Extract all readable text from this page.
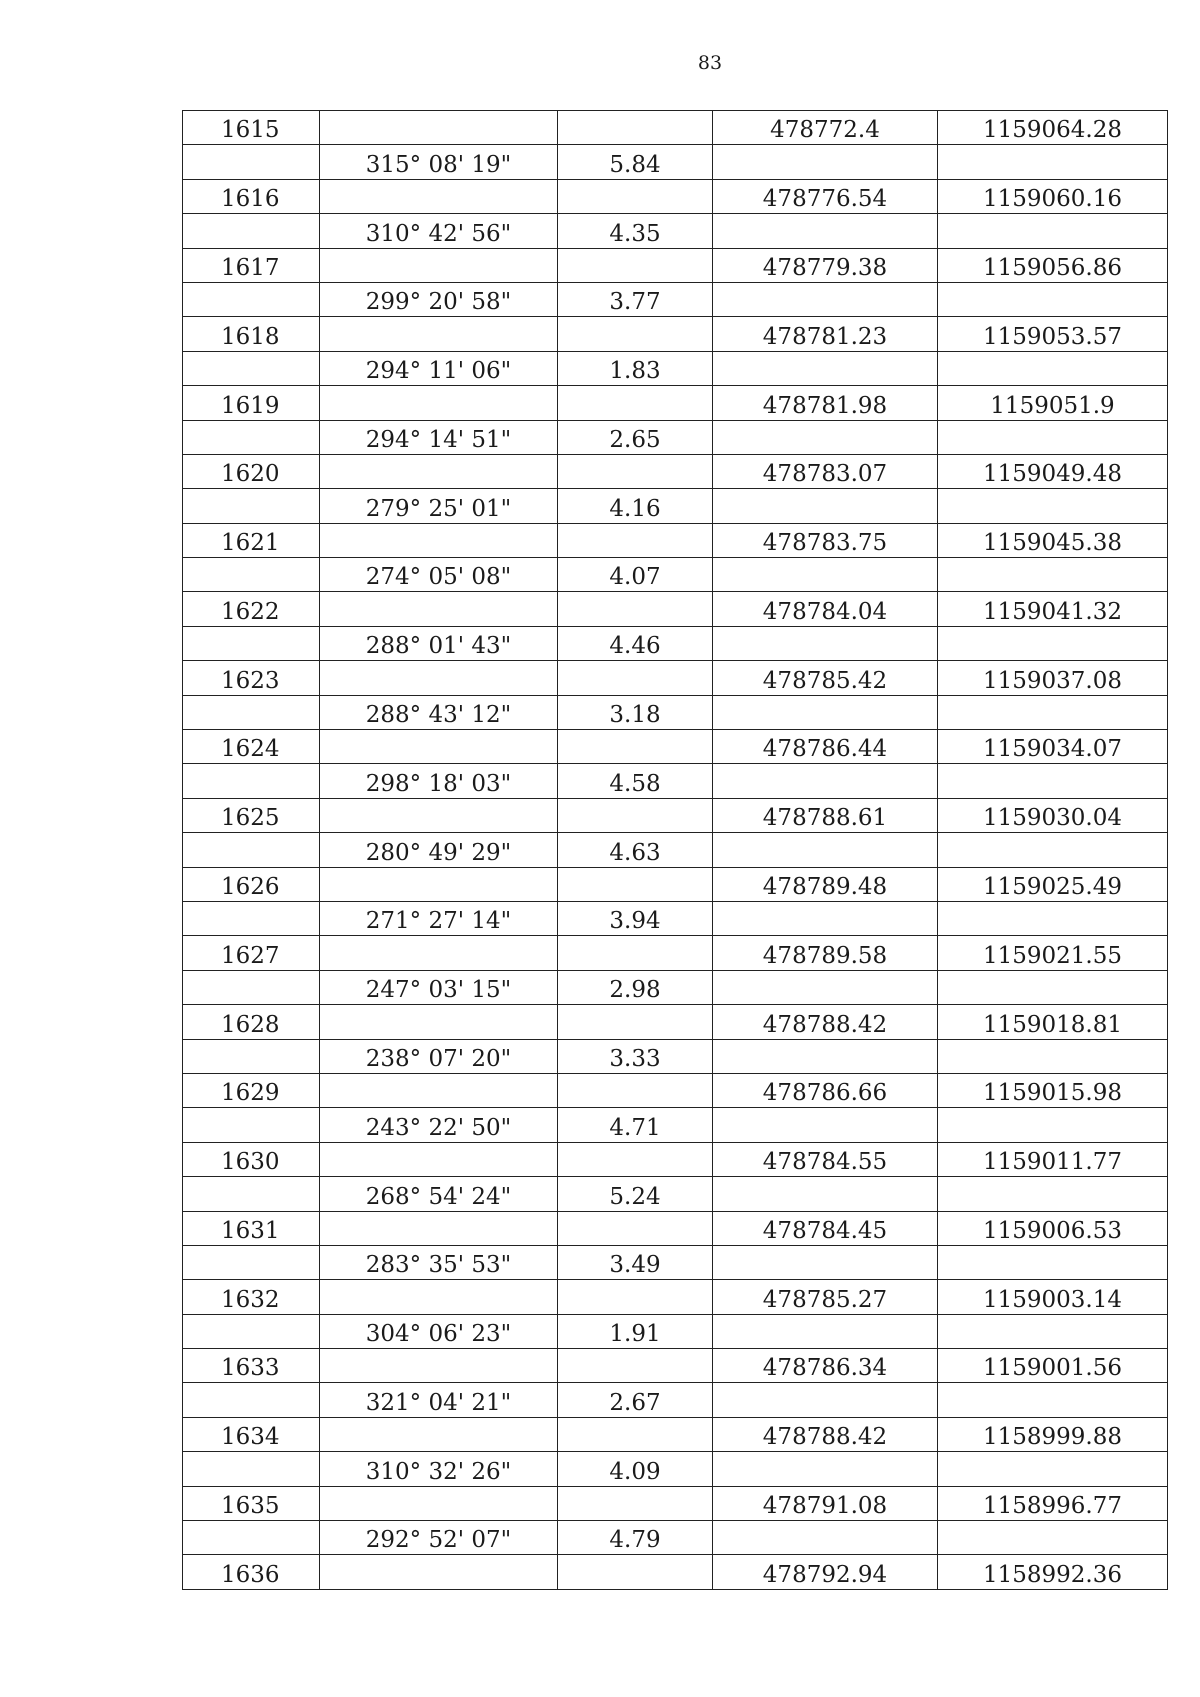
83
1615			478772.4	1159064.28
	315° 08' 19"	5.84		
1616			478776.54	1159060.16
	310° 42' 56"	4.35		
1617			478779.38	1159056.86
	299° 20' 58"	3.77		
1618			478781.23	1159053.57
	294° 11' 06"	1.83		
1619			478781.98	1159051.9
	294° 14' 51"	2.65		
1620			478783.07	1159049.48
	279° 25' 01"	4.16		
1621			478783.75	1159045.38
	274° 05' 08"	4.07		
1622			478784.04	1159041.32
	288° 01' 43"	4.46		
1623			478785.42	1159037.08
	288° 43' 12"	3.18		
1624			478786.44	1159034.07
	298° 18' 03"	4.58		
1625			478788.61	1159030.04
	280° 49' 29"	4.63		
1626			478789.48	1159025.49
	271° 27' 14"	3.94		
1627			478789.58	1159021.55
	247° 03' 15"	2.98		
1628			478788.42	1159018.81
	238° 07' 20"	3.33		
1629			478786.66	1159015.98
	243° 22' 50"	4.71		
1630			478784.55	1159011.77
	268° 54' 24"	5.24		
1631			478784.45	1159006.53
	283° 35' 53"	3.49		
1632			478785.27	1159003.14
	304° 06' 23"	1.91		
1633			478786.34	1159001.56
	321° 04' 21"	2.67		
1634			478788.42	1158999.88
	310° 32' 26"	4.09		
1635			478791.08	1158996.77
	292° 52' 07"	4.79		
1636			478792.94	1158992.36
